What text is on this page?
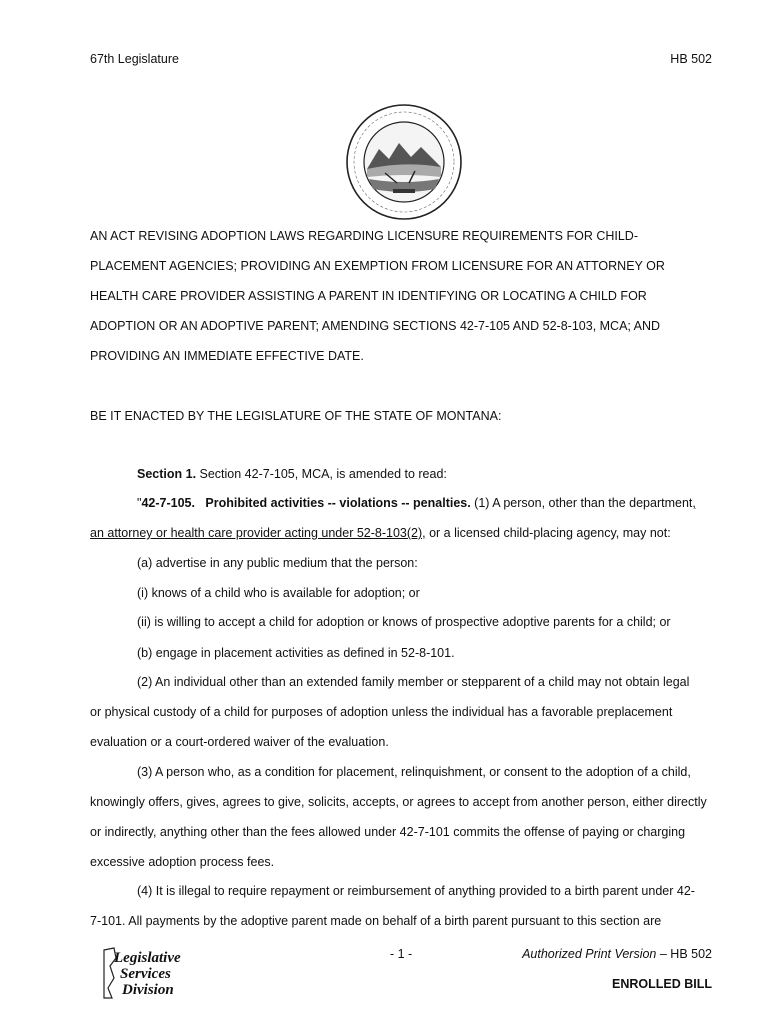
67th Legislature	HB 502
AN ACT REVISING ADOPTION LAWS REGARDING LICENSURE REQUIREMENTS FOR CHILD-
PLACEMENT AGENCIES; PROVIDING AN EXEMPTION FROM LICENSURE FOR AN ATTORNEY OR
HEALTH CARE PROVIDER ASSISTING A PARENT IN IDENTIFYING OR LOCATING A CHILD FOR
ADOPTION OR AN ADOPTIVE PARENT; AMENDING SECTIONS 42-7-105 AND 52-8-103, MCA; AND
PROVIDING AN IMMEDIATE EFFECTIVE DATE.
BE IT ENACTED BY THE LEGISLATURE OF THE STATE OF MONTANA:
Section 1. Section 42-7-105, MCA, is amended to read:
"42-7-105. Prohibited activities -- violations -- penalties. (1) A person, other than the department,
an attorney or health care provider acting under 52-8-103(2), or a licensed child-placing agency, may not:
(a) advertise in any public medium that the person:
(i) knows of a child who is available for adoption; or
(ii) is willing to accept a child for adoption or knows of prospective adoptive parents for a child; or
(b) engage in placement activities as defined in 52-8-101.
(2) An individual other than an extended family member or stepparent of a child may not obtain legal
or physical custody of a child for purposes of adoption unless the individual has a favorable preplacement
evaluation or a court-ordered waiver of the evaluation.
(3) A person who, as a condition for placement, relinquishment, or consent to the adoption of a child,
knowingly offers, gives, agrees to give, solicits, accepts, or agrees to accept from another person, either directly
or indirectly, anything other than the fees allowed under 42-7-101 commits the offense of paying or charging
excessive adoption process fees.
(4) It is illegal to require repayment or reimbursement of anything provided to a birth parent under 42-
7-101. All payments by the adoptive parent made on behalf of a birth parent pursuant to this section are
Legislative
Services
Division
- 1 -	Authorized Print Version – HB 502
ENROLLED BILL
